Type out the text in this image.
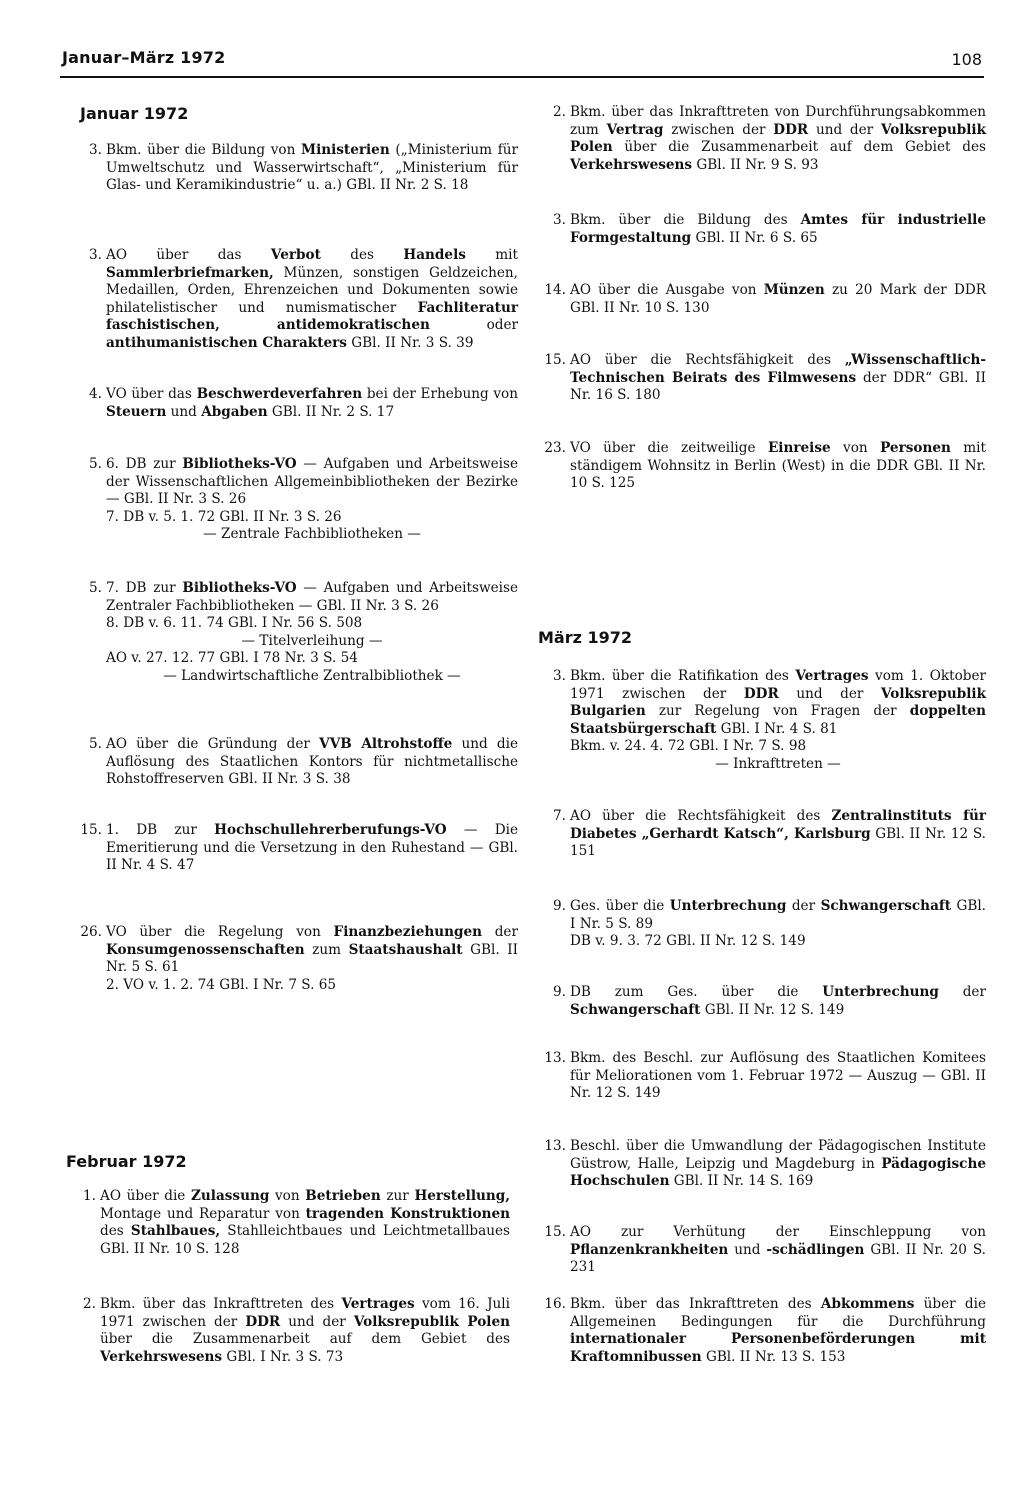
Januar–März 1972	108
Januar 1972
Februar 1972
März 1972
3. Bkm. über die Bildung von Ministerien („Ministerium für Umweltschutz und Wasserwirtschaft“, „Ministerium für Glas- und Keramikindustrie“ u. a.) GBl. II Nr. 2 S. 18
3. AO über das Verbot des Handels mit Sammlerbriefmarken, Münzen, sonstigen Geldzeichen, Medaillen, Orden, Ehrenzeichen und Dokumenten sowie philatelistischer und numismatischer Fachliteratur faschistischen, antidemokratischen oder antihumanistischen Charakters GBl. II Nr. 3 S. 39
4. VO über das Beschwerdeverfahren bei der Erhebung von Steuern und Abgaben GBl. II Nr. 2 S. 17
5. 6. DB zur Bibliotheks-VO — Aufgaben und Arbeitsweise der Wissenschaftlichen Allgemeinbibliotheken der Bezirke — GBl. II Nr. 3 S. 26
7. DB v. 5. 1. 72 GBl. II Nr. 3 S. 26
— Zentrale Fachbibliotheken —
5. 7. DB zur Bibliotheks-VO — Aufgaben und Arbeitsweise Zentraler Fachbibliotheken — GBl. II Nr. 3 S. 26
8. DB v. 6. 11. 74 GBl. I Nr. 56 S. 508
— Titelverleihung —
AO v. 27. 12. 77 GBl. I 78 Nr. 3 S. 54
— Landwirtschaftliche Zentralbibliothek —
5. AO über die Gründung der VVB Altrohstoffe und die Auflösung des Staatlichen Kontors für nichtmetallische Rohstoffreserven GBl. II Nr. 3 S. 38
15. 1. DB zur Hochschullehrerberufungs-VO — Die Emeritierung und die Versetzung in den Ruhestand — GBl. II Nr. 4 S. 47
26. VO über die Regelung von Finanzbeziehungen der Konsumgenossenschaften zum Staatshaushalt GBl. II Nr. 5 S. 61
2. VO v. 1. 2. 74 GBl. I Nr. 7 S. 65
1. AO über die Zulassung von Betrieben zur Herstellung, Montage und Reparatur von tragenden Konstruktionen des Stahlbaues, Stahlleichtbaues und Leichtmetallbaues GBl. II Nr. 10 S. 128
2. Bkm. über das Inkrafttreten des Vertrages vom 16. Juli 1971 zwischen der DDR und der Volksrepublik Polen über die Zusammenarbeit auf dem Gebiet des Verkehrswesens GBl. I Nr. 3 S. 73
2. Bkm. über das Inkrafttreten von Durchführungsabkommen zum Vertrag zwischen der DDR und der Volksrepublik Polen über die Zusammenarbeit auf dem Gebiet des Verkehrswesens GBl. II Nr. 9 S. 93
3. Bkm. über die Bildung des Amtes für industrielle Formgestaltung GBl. II Nr. 6 S. 65
14. AO über die Ausgabe von Münzen zu 20 Mark der DDR GBl. II Nr. 10 S. 130
15. AO über die Rechtsfähigkeit des „Wissenschaftlich-Technischen Beirats des Filmwesens der DDR“ GBl. II Nr. 16 S. 180
23. VO über die zeitweilige Einreise von Personen mit ständigem Wohnsitz in Berlin (West) in die DDR GBl. II Nr. 10 S. 125
3. Bkm. über die Ratifikation des Vertrages vom 1. Oktober 1971 zwischen der DDR und der Volksrepublik Bulgarien zur Regelung von Fragen der doppelten Staatsbürgerschaft GBl. I Nr. 4 S. 81
Bkm. v. 24. 4. 72 GBl. I Nr. 7 S. 98
— Inkrafttreten —
7. AO über die Rechtsfähigkeit des Zentralinstituts für Diabetes „Gerhardt Katsch“, Karlsburg GBl. II Nr. 12 S. 151
9. Ges. über die Unterbrechung der Schwangerschaft GBl. I Nr. 5 S. 89
DB v. 9. 3. 72 GBl. II Nr. 12 S. 149
9. DB zum Ges. über die Unterbrechung der Schwangerschaft GBl. II Nr. 12 S. 149
13. Bkm. des Beschl. zur Auflösung des Staatlichen Komitees für Meliorationen vom 1. Februar 1972 — Auszug — GBl. II Nr. 12 S. 149
13. Beschl. über die Umwandlung der Pädagogischen Institute Güstrow, Halle, Leipzig und Magdeburg in Pädagogische Hochschulen GBl. II Nr. 14 S. 169
15. AO zur Verhütung der Einschleppung von Pflanzenkrankheiten und -schädlingen GBl. II Nr. 20 S. 231
16. Bkm. über das Inkrafttreten des Abkommens über die Allgemeinen Bedingungen für die Durchführung internationaler Personenbeförderungen mit Kraftomnibussen GBl. II Nr. 13 S. 153
